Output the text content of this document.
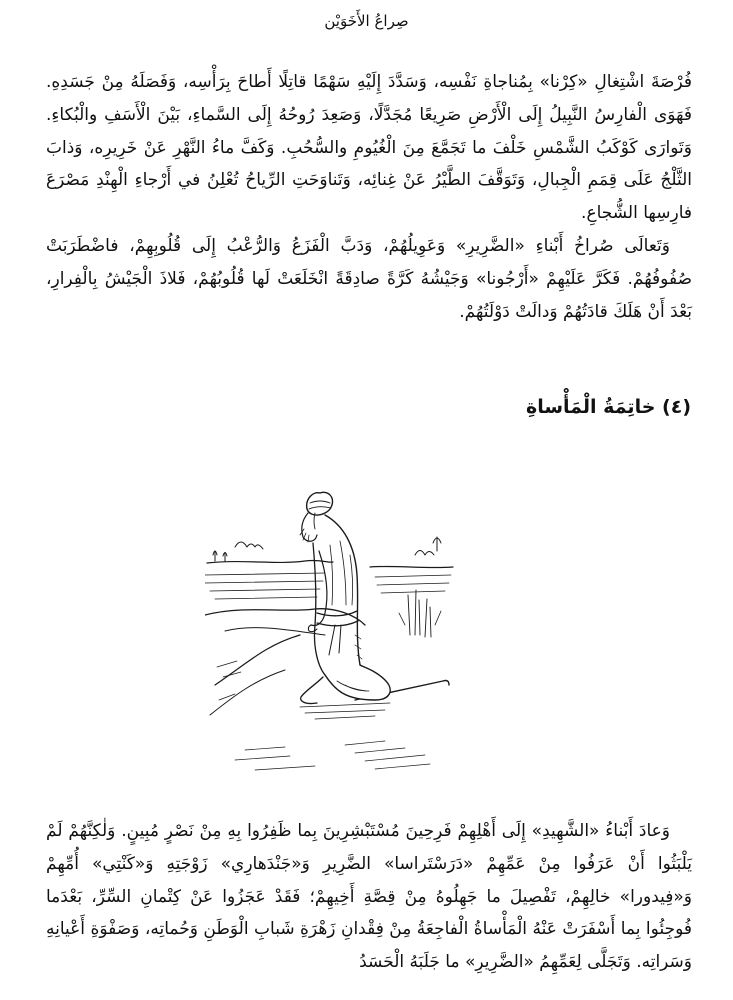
صِراعُ الأَخَوَيْن

فُرْصَةَ اشْتِغالِ «كِرْنا» بِمُناجاةِ نَفْسِه، وَسَدَّدَ إِلَيْهِ سَهْمًا قاتِلًا أَطاحَ بِرَأْسِه، وَفَصَلَهُ مِنْ جَسَدِهِ. فَهَوَى الْفارِسُ النَّبِيلُ إِلَى الْأَرْضِ صَرِيعًا مُجَدَّلًا، وَصَعِدَ رُوحُهُ إِلَى السَّماءِ، بَيْنَ الْأَسَفِ والْبُكاءِ. وَتَوارَى كَوْكَبُ الشَّمْسِ خَلْفَ ما تَجَمَّعَ مِنَ الْغُيُومِ والسُّحُبِ. وَكَفَّ ماءُ النَّهْرِ عَنْ خَرِيرِه، وَذابَ الثَّلْجُ عَلَى قِمَمِ الْجِبالِ، وَتَوَقَّفَ الطَّيْرُ عَنْ غِنائِه، وَتَناوَحَتِ الرِّياحُ تُعْلِنُ في أَرْجاءِ الْهِنْدِ مَصْرَعَ فارِسِها الشُّجاعِ.

وَتَعالَى صُراخُ أَبْناءِ «الضَّرِيرِ» وَعَوِيلُهُمْ، وَدَبَّ الْفَزَعُ وَالرُّعْبُ إِلَى قُلُوبِهِمْ، فاضْطَرَبَتْ صُفُوفُهُمْ. فَكَرَّ عَلَيْهِمْ «أَرْجُونا» وَجَيْشُهُ كَرَّةً صادِقَةً انْخَلَعَتْ لَها قُلُوبُهُمْ، فَلاذَ الْجَيْشُ بِالْفِرارِ، بَعْدَ أَنْ هَلَكَ قادَتُهُمْ وَدالَتْ دَوْلَتُهُمْ.

(٤) خاتِمَةُ الْمَأْساةِ

وَعادَ أَبْناءُ «الشَّهِيدِ» إِلَى أَهْلِهِمْ فَرِحِينَ مُسْتَبْشِرِينَ بِما ظَفِرُوا بِهِ مِنْ نَصْرٍ مُبِينٍ. وَلٰكِنَّهُمْ لَمْ يَلْبَثُوا أَنْ عَرَفُوا مِنْ عَمِّهِمْ «دَرَسْتَراسا» الضَّرِيرِ وَ«جَنْدَهارِي» زَوْجَتِهِ وَ«كَنْتِي» أُمِّهِمْ وَ«فِيدورا» خالِهِمْ، تَفْصِيلَ ما جَهِلُوهُ مِنْ قِصَّةِ أَخِيهِمْ؛ فَقَدْ عَجَزُوا عَنْ كِتْمانِ السِّرِّ، بَعْدَما فُوجِئُوا بِما أَسْفَرَتْ عَنْهُ الْمَأْساةُ الْفاجِعَةُ مِنْ فِقْدانِ زَهْرَةِ شَبابِ الْوَطَنِ وَحُماتِه، وَصَفْوَةِ أَعْيانِهِ وَسَراتِه. وَتَجَلَّى لِعَمِّهِمُ «الضَّرِيرِ» ما جَلَبَهُ الْحَسَدُ
